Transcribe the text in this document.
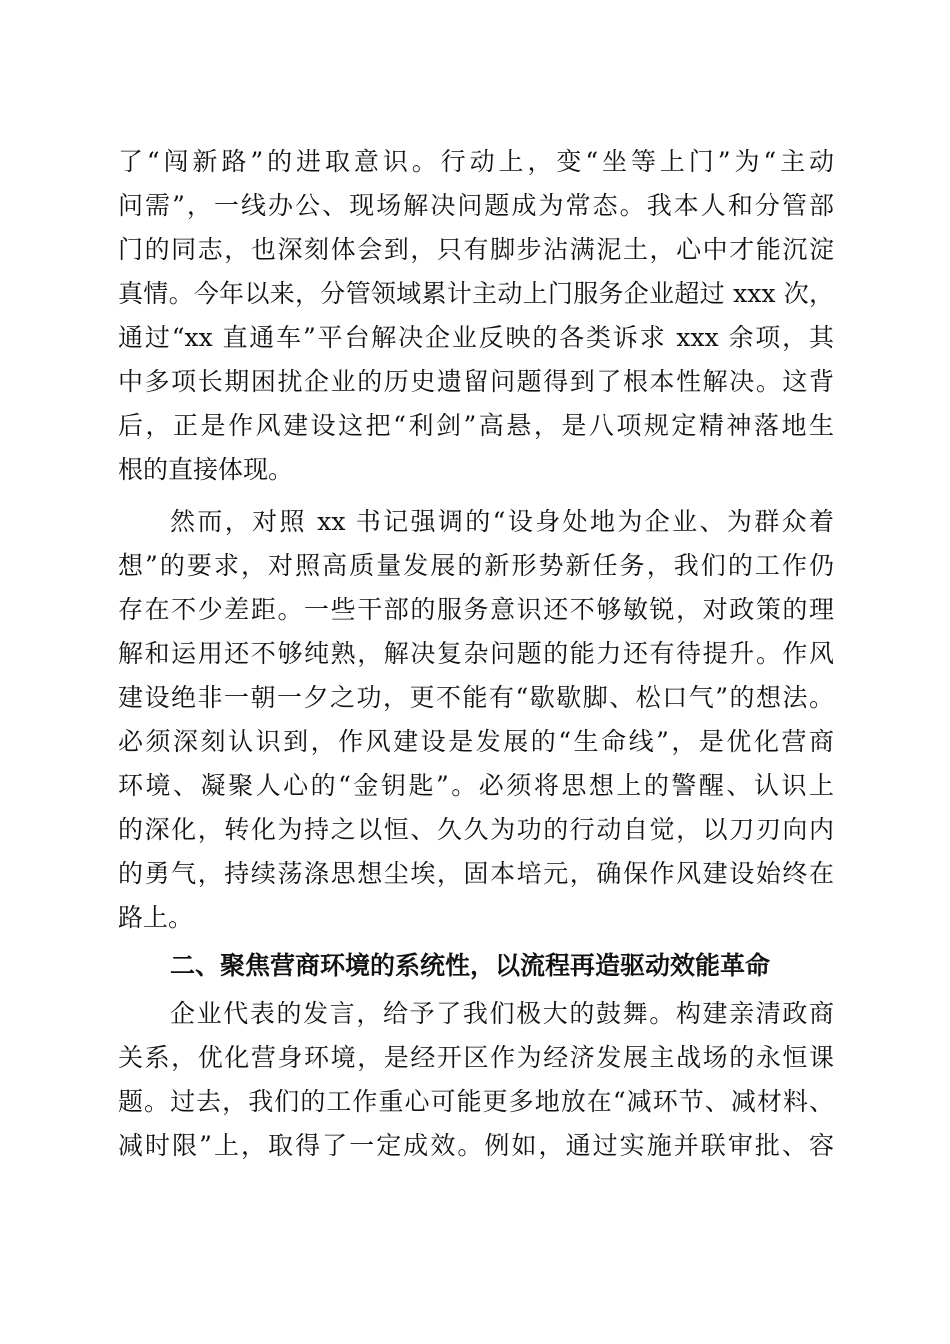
了“闯新路”的进取意识。行动上，变“坐等上门”为“主动
问需”，一线办公、现场解决问题成为常态。我本人和分管部
门的同志，也深刻体会到，只有脚步沾满泥土，心中才能沉淀
真情。今年以来，分管领域累计主动上门服务企业超过 xxx 次，
通过“xx 直通车”平台解决企业反映的各类诉求 xxx 余项，其
中多项长期困扰企业的历史遗留问题得到了根本性解决。这背
后，正是作风建设这把“利剑”高悬，是八项规定精神落地生
根的直接体现。
然而，对照 xx 书记强调的“设身处地为企业、为群众着
想”的要求，对照高质量发展的新形势新任务，我们的工作仍
存在不少差距。一些干部的服务意识还不够敏锐，对政策的理
解和运用还不够纯熟，解决复杂问题的能力还有待提升。作风
建设绝非一朝一夕之功，更不能有“歇歇脚、松口气”的想法。
必须深刻认识到，作风建设是发展的“生命线”，是优化营商
环境、凝聚人心的“金钥匙”。必须将思想上的警醒、认识上
的深化，转化为持之以恒、久久为功的行动自觉，以刀刃向内
的勇气，持续荡涤思想尘埃，固本培元，确保作风建设始终在
路上。
二、聚焦营商环境的系统性，以流程再造驱动效能革命
企业代表的发言，给予了我们极大的鼓舞。构建亲清政商
关系，优化营身环境，是经开区作为经济发展主战场的永恒课
题。过去，我们的工作重心可能更多地放在“减环节、减材料、
减时限”上，取得了一定成效。例如，通过实施并联审批、容
